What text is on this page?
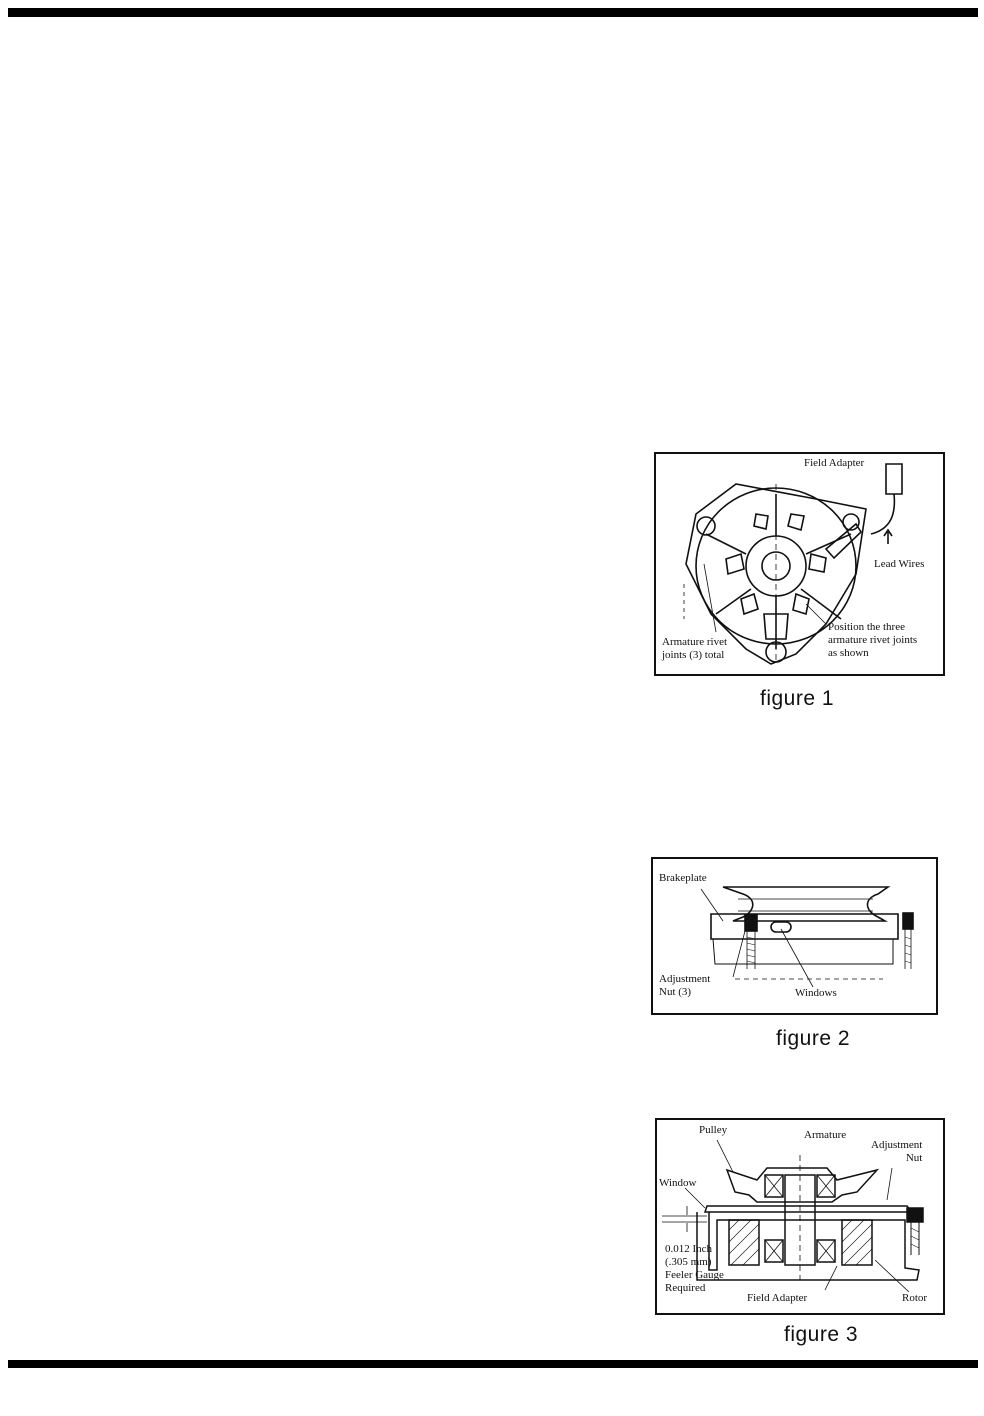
Field Adapter
Lead Wires
Position the three
armature rivet joints
as shown
Armature rivet
joints (3) total
figure 1
Brakeplate
Adjustment
Nut (3)	Windows
figure 2
Pulley	Armature
Adjustment
Nut
Window
0.012 Inch
(.305 mm)
Feeler Gauge
Required
Field Adapter	Rotor
figure 3
